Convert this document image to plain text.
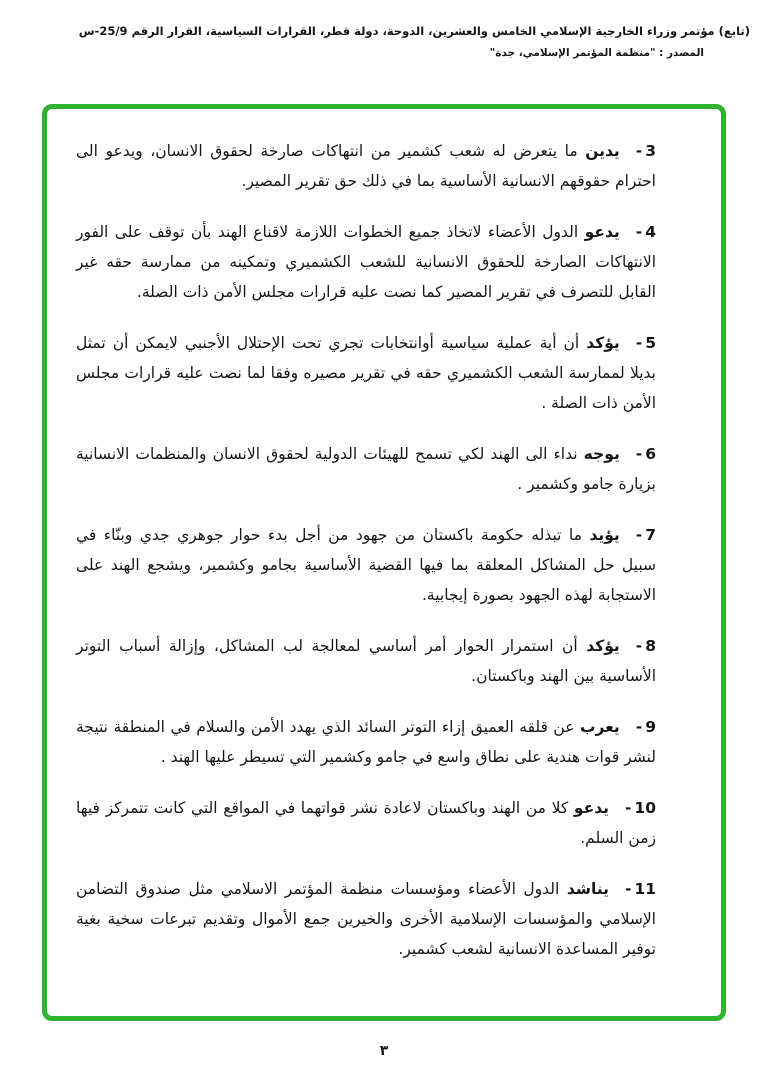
(تابع) مؤتمر وزراء الخارجية الإسلامي الخامس والعشرين، الدوحة، دولة قطر، القرارات السياسية، القرار الرقم 25/9-س
المصدر : "منظمة المؤتمر الإسلامي، جدة"

3-يدين ما يتعرض له شعب كشمير من انتهاكات صارخة لحقوق الانسان، ويدعو الى احترام حقوقهم الانسانية الأساسية بما في ذلك حق تقرير المصير.

4-يدعو الدول الأعضاء لاتخاذ جميع الخطوات اللازمة لاقناع الهند بأن توقف على الفور الانتهاكات الصارخة للحقوق الانسانية للشعب الكشميري وتمكينه من ممارسة حقه غير القابل للتصرف في تقرير المصير كما نصت عليه قرارات مجلس الأمن ذات الصلة.

5-يؤكد أن أية عملية سياسية أوانتخابات تجري تحت الإحتلال الأجنبي لايمكن أن تمثل بديلا لممارسة الشعب الكشميري حقه في تقرير مصيره وفقا لما نصت عليه قرارات مجلس الأمن ذات الصلة .

6-يوجه نداء الى الهند لكي تسمح للهيئات الدولية لحقوق الانسان والمنظمات الانسانية بزيارة جامو وكشمير .

7-يؤيد ما تبذله حكومة باكستان من جهود من أجل بدء حوار جوهري جدي وبنّاء في سبيل حل المشاكل المعلقة بما فيها القضية الأساسية بجامو وكشمير، ويشجع الهند على الاستجابة لهذه الجهود بصورة إيجابية.

8-يؤكد أن استمرار الحوار أمر أساسي لمعالجة لب المشاكل، وإزالة أسباب التوتر الأساسية بين الهند وباكستان.

9-يعرب عن قلقه العميق إزاء التوتر السائد الذي يهدد الأمن والسلام في المنطقة نتيجة لنشر قوات هندية على نطاق واسع في جامو وكشمير التي تسيطر عليها الهند .

10-يدعو كلا من الهند وباكستان لاعادة نشر قواتهما في المواقع التي كانت تتمركز فيها زمن السلم.

11-يناشد الدول الأعضاء ومؤسسات منظمة المؤتمر الاسلامي مثل صندوق التضامن الإسلامي والمؤسسات الإسلامية الأخرى والخيرين جمع الأموال وتقديم تبرعات سخية بغية توفير المساعدة الانسانية لشعب كشمير.

٣
